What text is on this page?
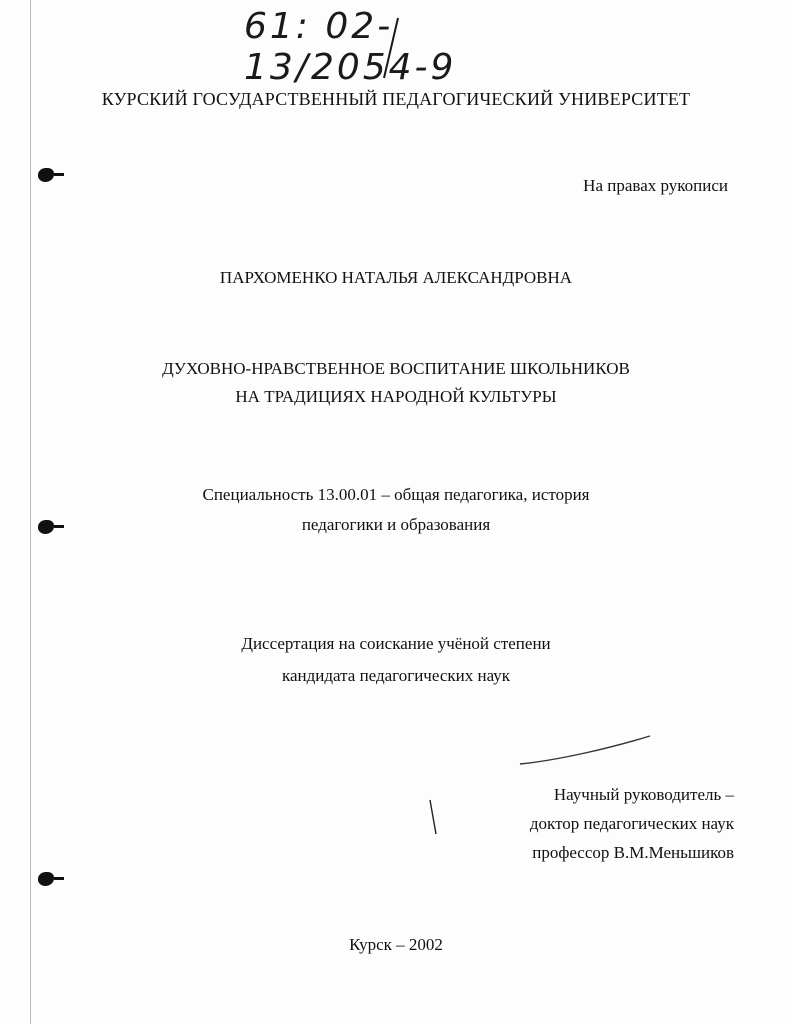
61: 02-13/2054-9
КУРСКИЙ ГОСУДАРСТВЕННЫЙ ПЕДАГОГИЧЕСКИЙ УНИВЕРСИТЕТ
На правах рукописи
ПАРХОМЕНКО НАТАЛЬЯ АЛЕКСАНДРОВНА
ДУХОВНО-НРАВСТВЕННОЕ ВОСПИТАНИЕ ШКОЛЬНИКОВ
НА ТРАДИЦИЯХ НАРОДНОЙ КУЛЬТУРЫ
Специальность 13.00.01 – общая педагогика, история
педагогики и образования
Диссертация на соискание учёной степени
кандидата педагогических наук
Научный руководитель –
доктор педагогических наук
профессор В.М.Меньшиков
Курск – 2002
